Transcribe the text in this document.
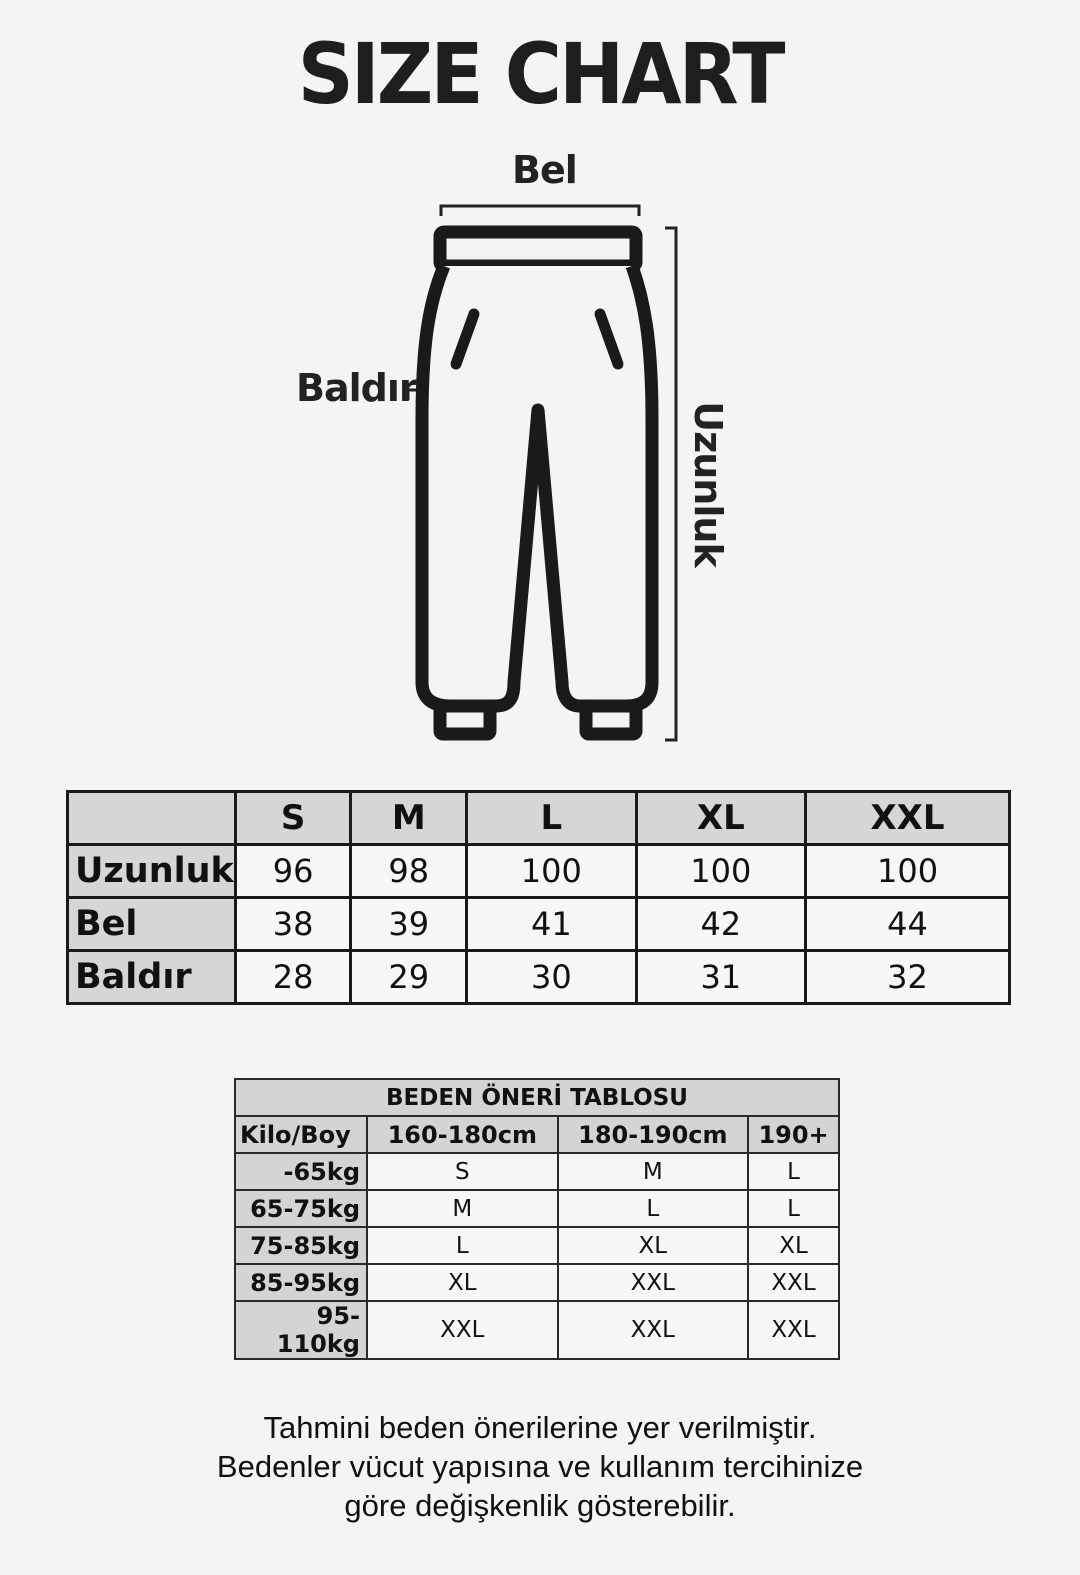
SIZE CHART
Bel
Baldır
Uzunluk
	S	M	L	XL	XXL
Uzunluk	96	98	100	100	100
Bel	38	39	41	42	44
Baldır	28	29	30	31	32
BEDEN ÖNERİ TABLOSU			
Kilo/Boy	160-180cm	180-190cm	190+
-65kg	S	M	L
65-75kg	M	L	L
75-85kg	L	XL	XL
85-95kg	XL	XXL	XXL
95-110kg	XXL	XXL	XXL
Tahmini beden önerilerine yer verilmiştir.
Bedenler vücut yapısına ve kullanım tercihinize
göre değişkenlik gösterebilir.
